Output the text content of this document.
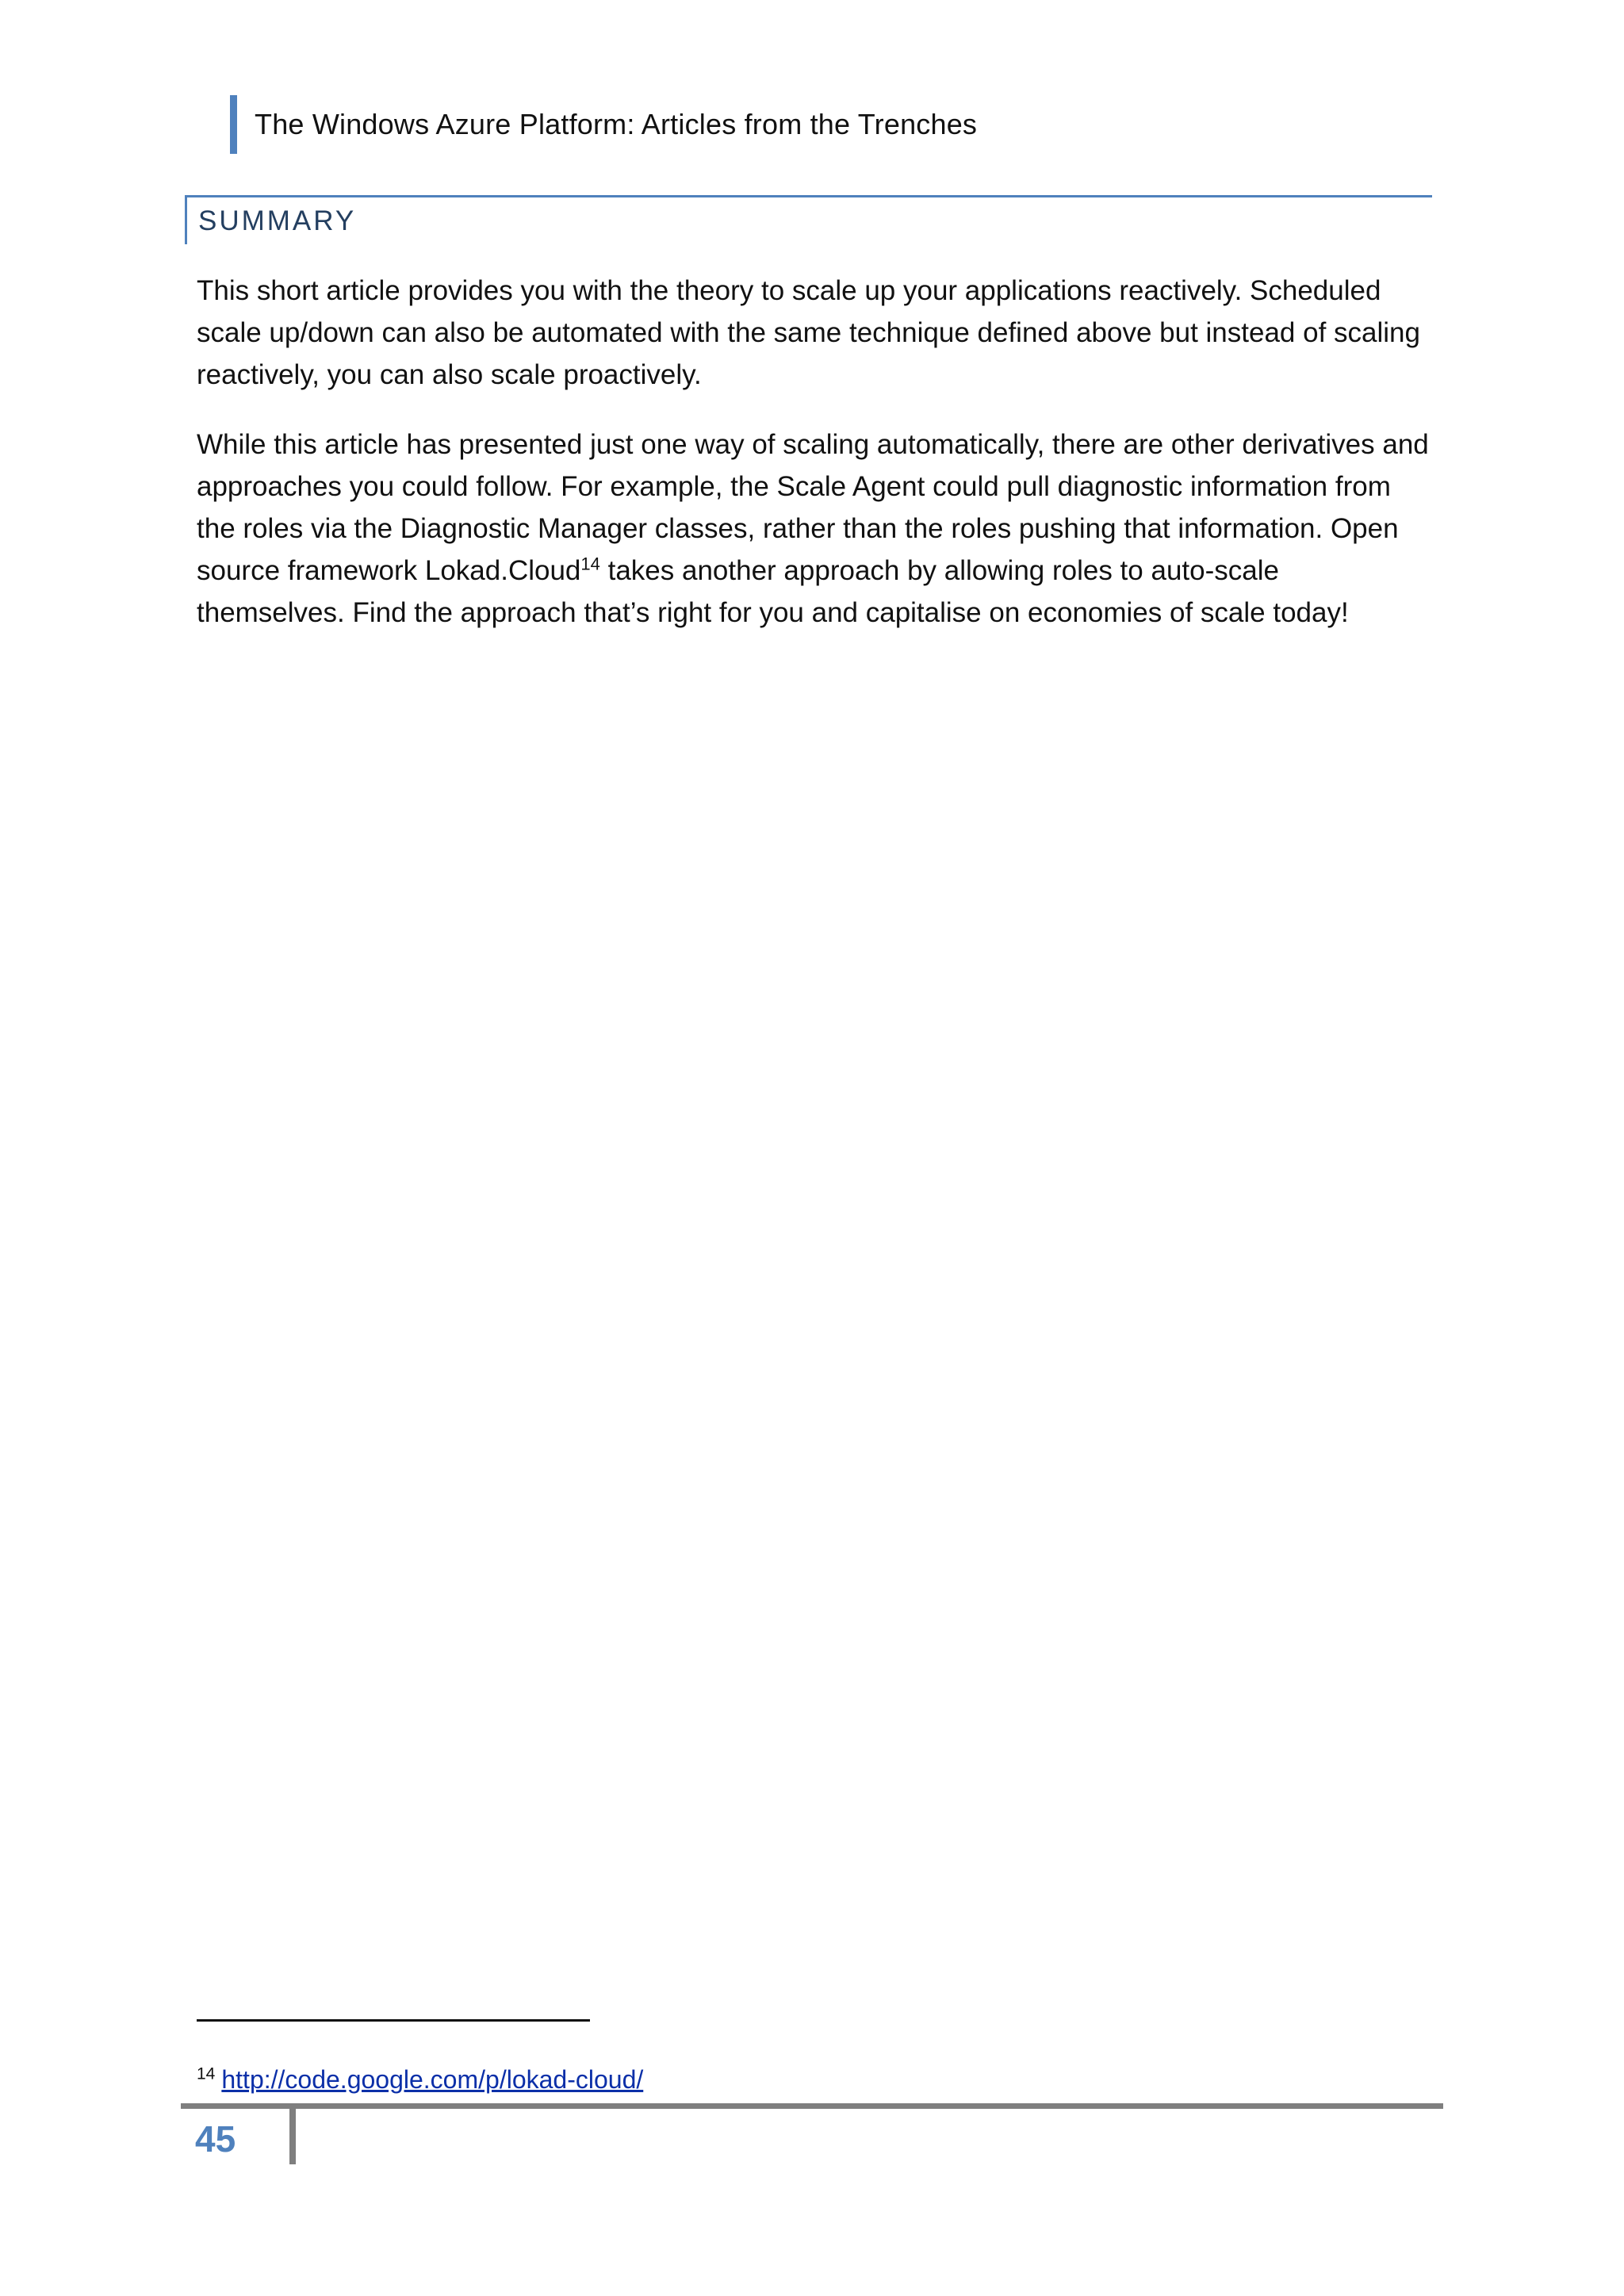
The Windows Azure Platform: Articles from the Trenches
SUMMARY

This short article provides you with the theory to scale up your applications reactively. Scheduled scale up/down can also be automated with the same technique defined above but instead of scaling reactively, you can also scale proactively.

While this article has presented just one way of scaling automatically, there are other derivatives and approaches you could follow. For example, the Scale Agent could pull diagnostic information from the roles via the Diagnostic Manager classes, rather than the roles pushing that information. Open source framework Lokad.Cloud$^{14}$ takes another approach by allowing roles to auto-scale themselves. Find the approach that’s right for you and capitalise on economies of scale today!

$^{14}$ http://code.google.com/p/lokad-cloud/
45
